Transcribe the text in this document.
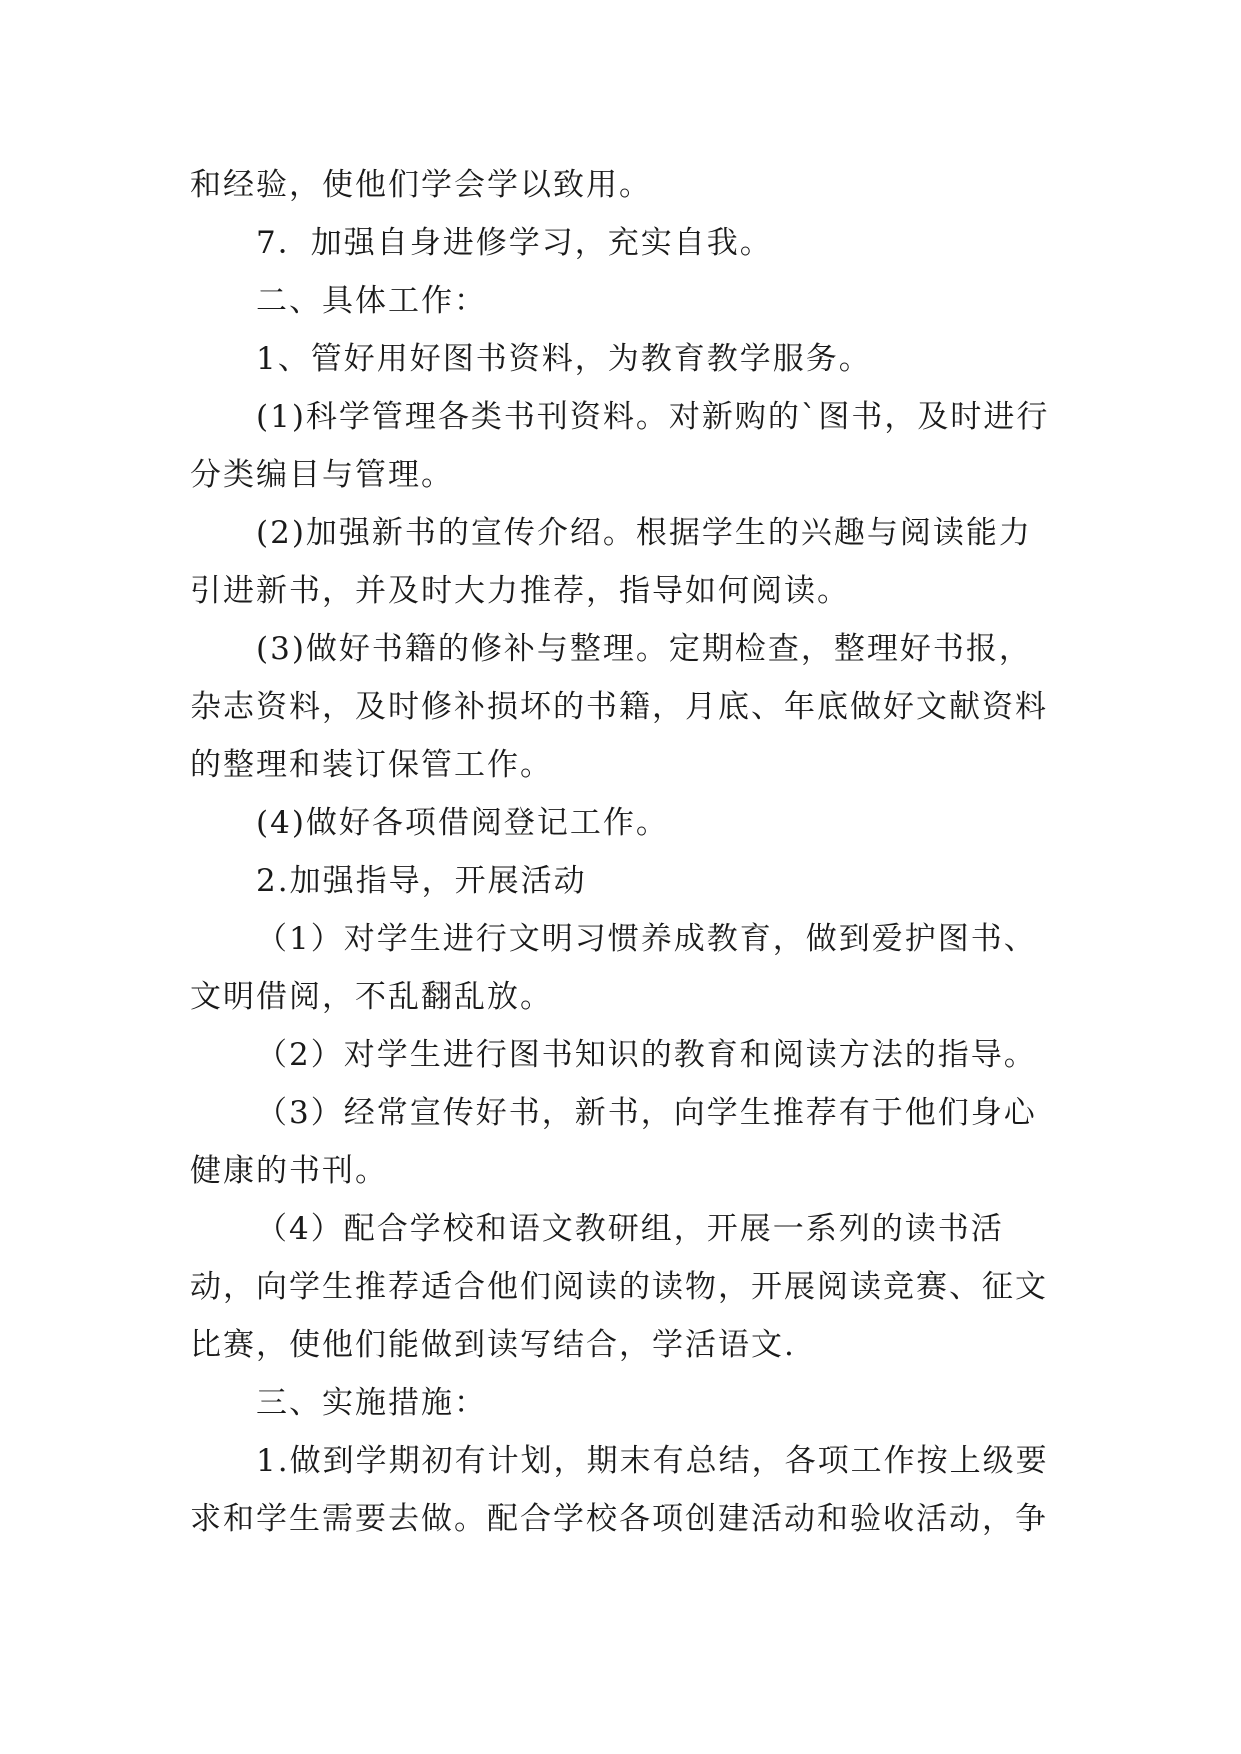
和经验，使他们学会学以致用。

7．加强自身进修学习，充实自我。

二、具体工作：

1、管好用好图书资料，为教育教学服务。

(1)科学管理各类书刊资料。对新购的`图书，及时进行分类编目与管理。

(2)加强新书的宣传介绍。根据学生的兴趣与阅读能力引进新书，并及时大力推荐，指导如何阅读。

(3)做好书籍的修补与整理。定期检查，整理好书报，杂志资料，及时修补损坏的书籍，月底、年底做好文献资料的整理和装订保管工作。

(4)做好各项借阅登记工作。

2.加强指导，开展活动

（1）对学生进行文明习惯养成教育，做到爱护图书、文明借阅，不乱翻乱放。

（2）对学生进行图书知识的教育和阅读方法的指导。

（3）经常宣传好书，新书，向学生推荐有于他们身心健康的书刊。

（4）配合学校和语文教研组，开展一系列的读书活动，向学生推荐适合他们阅读的读物，开展阅读竞赛、征文比赛，使他们能做到读写结合，学活语文.

三、实施措施：

1.做到学期初有计划，期末有总结，各项工作按上级要求和学生需要去做。配合学校各项创建活动和验收活动，争
